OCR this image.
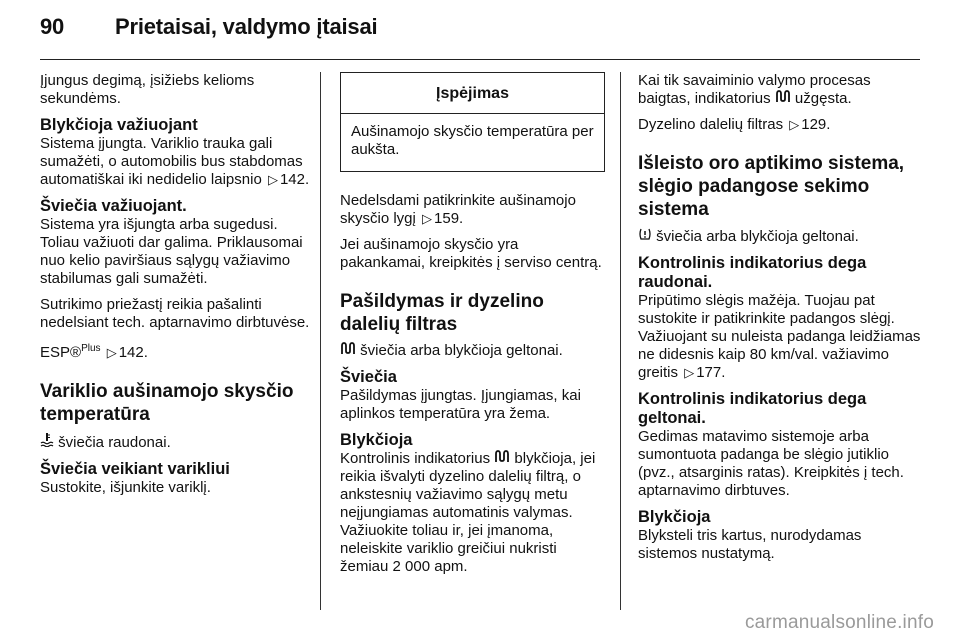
90 Prietaisai, valdymo įtaisai

Įjungus degimą, įsižiebs kelioms sekundėms.

Blykčioja važiuojant

Sistema įjungta. Variklio trauka gali sumažėti, o automobilis bus stabdomas automatiškai iki nedidelio laipsnio ▷ 142.

Šviečia važiuojant.

Sistema yra išjungta arba sugedusi. Toliau važiuoti dar galima. Priklausomai nuo kelio paviršiaus sąlygų važiavimo stabilumas gali sumažėti.

Sutrikimo priežastį reikia pašalinti nedelsiant tech. aptarnavimo dirbtuvėse.

ESP®$^{Plus}$ ▷ 142.

Variklio aušinamojo skysčio temperatūra

šviečia raudonai.

Šviečia veikiant varikliui

Sustokite, išjunkite variklį.

Įspėjimas
Aušinamojo skysčio temperatūra per aukšta.

Nedelsdami patikrinkite aušinamojo skysčio lygį ▷ 159.

Jei aušinamojo skysčio yra pakankamai, kreipkitės į serviso centrą.

Pašildymas ir dyzelino dalelių filtras

šviečia arba blykčioja geltonai.

Šviečia

Pašildymas įjungtas. Įjungiamas, kai aplinkos temperatūra yra žema.

Blykčioja

Kontrolinis indikatorius blykčioja, jei reikia išvalyti dyzelino dalelių filtrą, o ankstesnių važiavimo sąlygų metu neįjungiamas automatinis valymas. Važiuokite toliau ir, jei įmanoma, neleiskite variklio greičiui nukristi žemiau 2 000 apm.

Kai tik savaiminio valymo procesas baigtas, indikatorius užgęsta.

Dyzelino dalelių filtras ▷ 129.

Išleisto oro aptikimo sistema, slėgio padangose sekimo sistema

šviečia arba blykčioja geltonai.

Kontrolinis indikatorius dega raudonai.

Pripūtimo slėgis mažėja. Tuojau pat sustokite ir patikrinkite padangos slėgį. Važiuojant su nuleista padanga leidžiamas ne didesnis kaip 80 km/val. važiavimo greitis ▷ 177.

Kontrolinis indikatorius dega geltonai.

Gedimas matavimo sistemoje arba sumontuota padanga be slėgio jutiklio (pvz., atsarginis ratas). Kreipkitės į tech. aptarnavimo dirbtuves.

Blykčioja

Blyksteli tris kartus, nurodydamas sistemos nustatymą.

carmanualsonline.info
